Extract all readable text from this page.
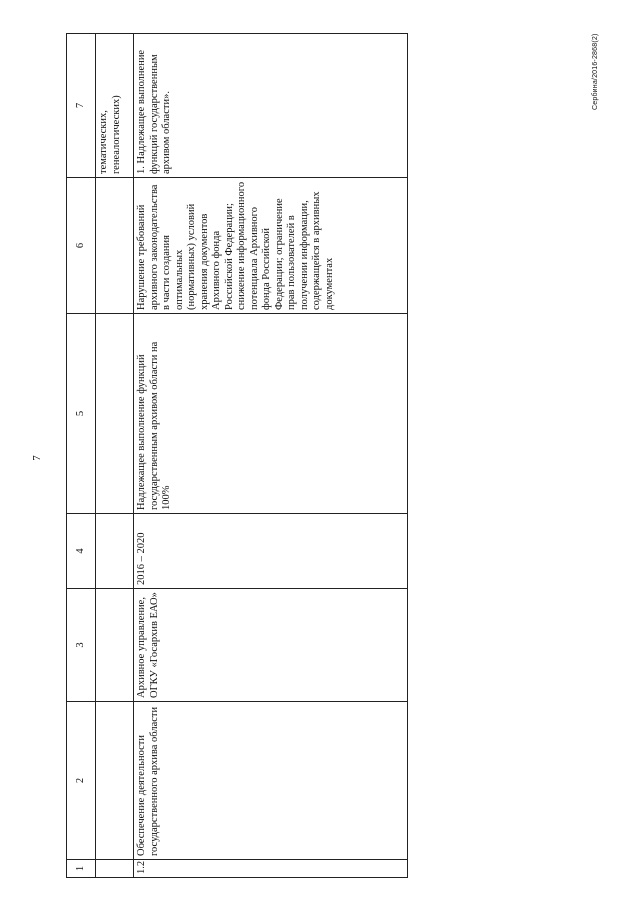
7
Сербина/2016-2868(2)
1	2	3	4	5	6	7
						тематических, генеалогических)
1.2	Обеспечение деятельности государственного архива области	Архивное управление, ОГКУ «Госархив ЕАО»	2016 – 2020	Надлежащее выполнение функций государственным архивом области на 100%	Нарушение требований архивного законодательства в части создания оптимальных (нормативных) условий хранения документов Архивного фонда Российской Федерации; снижение информационного потенциала Архивного фонда Российской Федерации; ограничение прав пользователей в получении информации, содержащейся в архивных документах	1. Надлежащее выполнение функций государственным архивом области».
